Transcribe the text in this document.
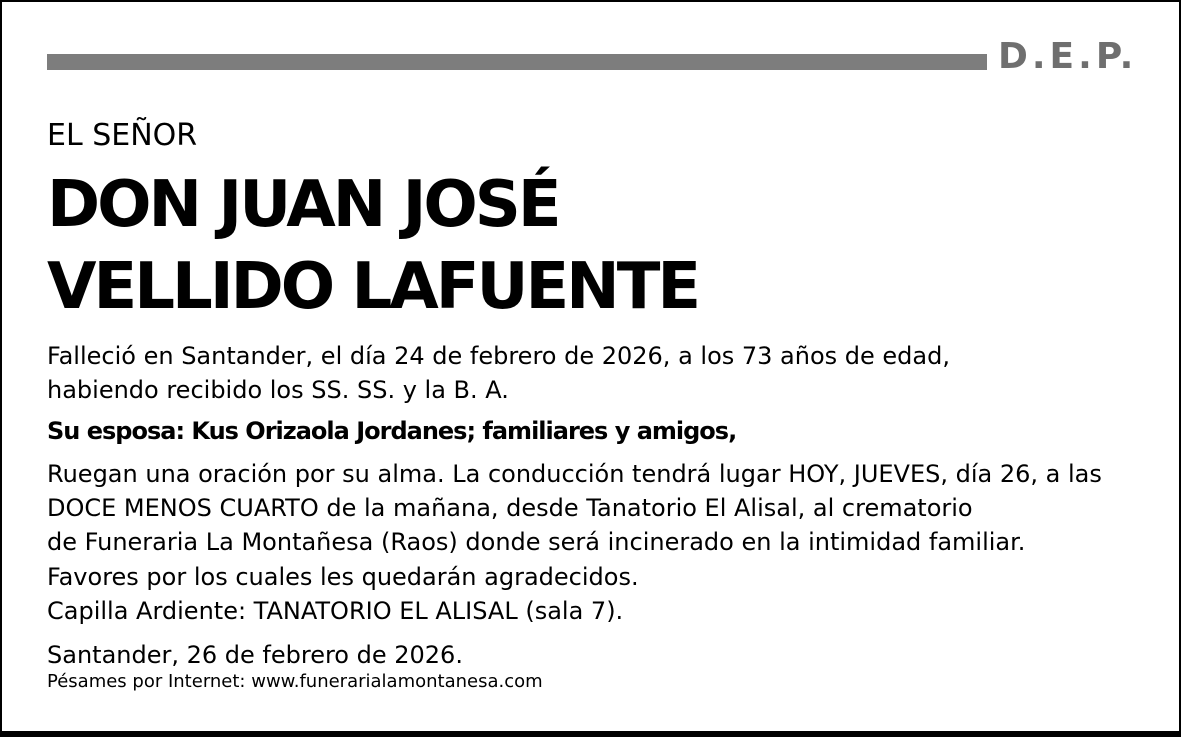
D.E.P.
EL SEÑOR
DON JUAN JOSÉ
VELLIDO LAFUENTE
Falleció en Santander, el día 24 de febrero de 2026, a los 73 años de edad,
habiendo recibido los SS. SS. y la B. A.
Su esposa: Kus Orizaola Jordanes; familiares y amigos,
Ruegan una oración por su alma. La conducción tendrá lugar HOY, JUEVES, día 26, a las
DOCE MENOS CUARTO de la mañana, desde Tanatorio El Alisal, al crematorio
de Funeraria La Montañesa (Raos) donde será incinerado en la intimidad familiar.
Favores por los cuales les quedarán agradecidos.
Capilla Ardiente: TANATORIO EL ALISAL (sala 7).
Santander, 26 de febrero de 2026.
Pésames por Internet: www.funerarialamontanesa.com
